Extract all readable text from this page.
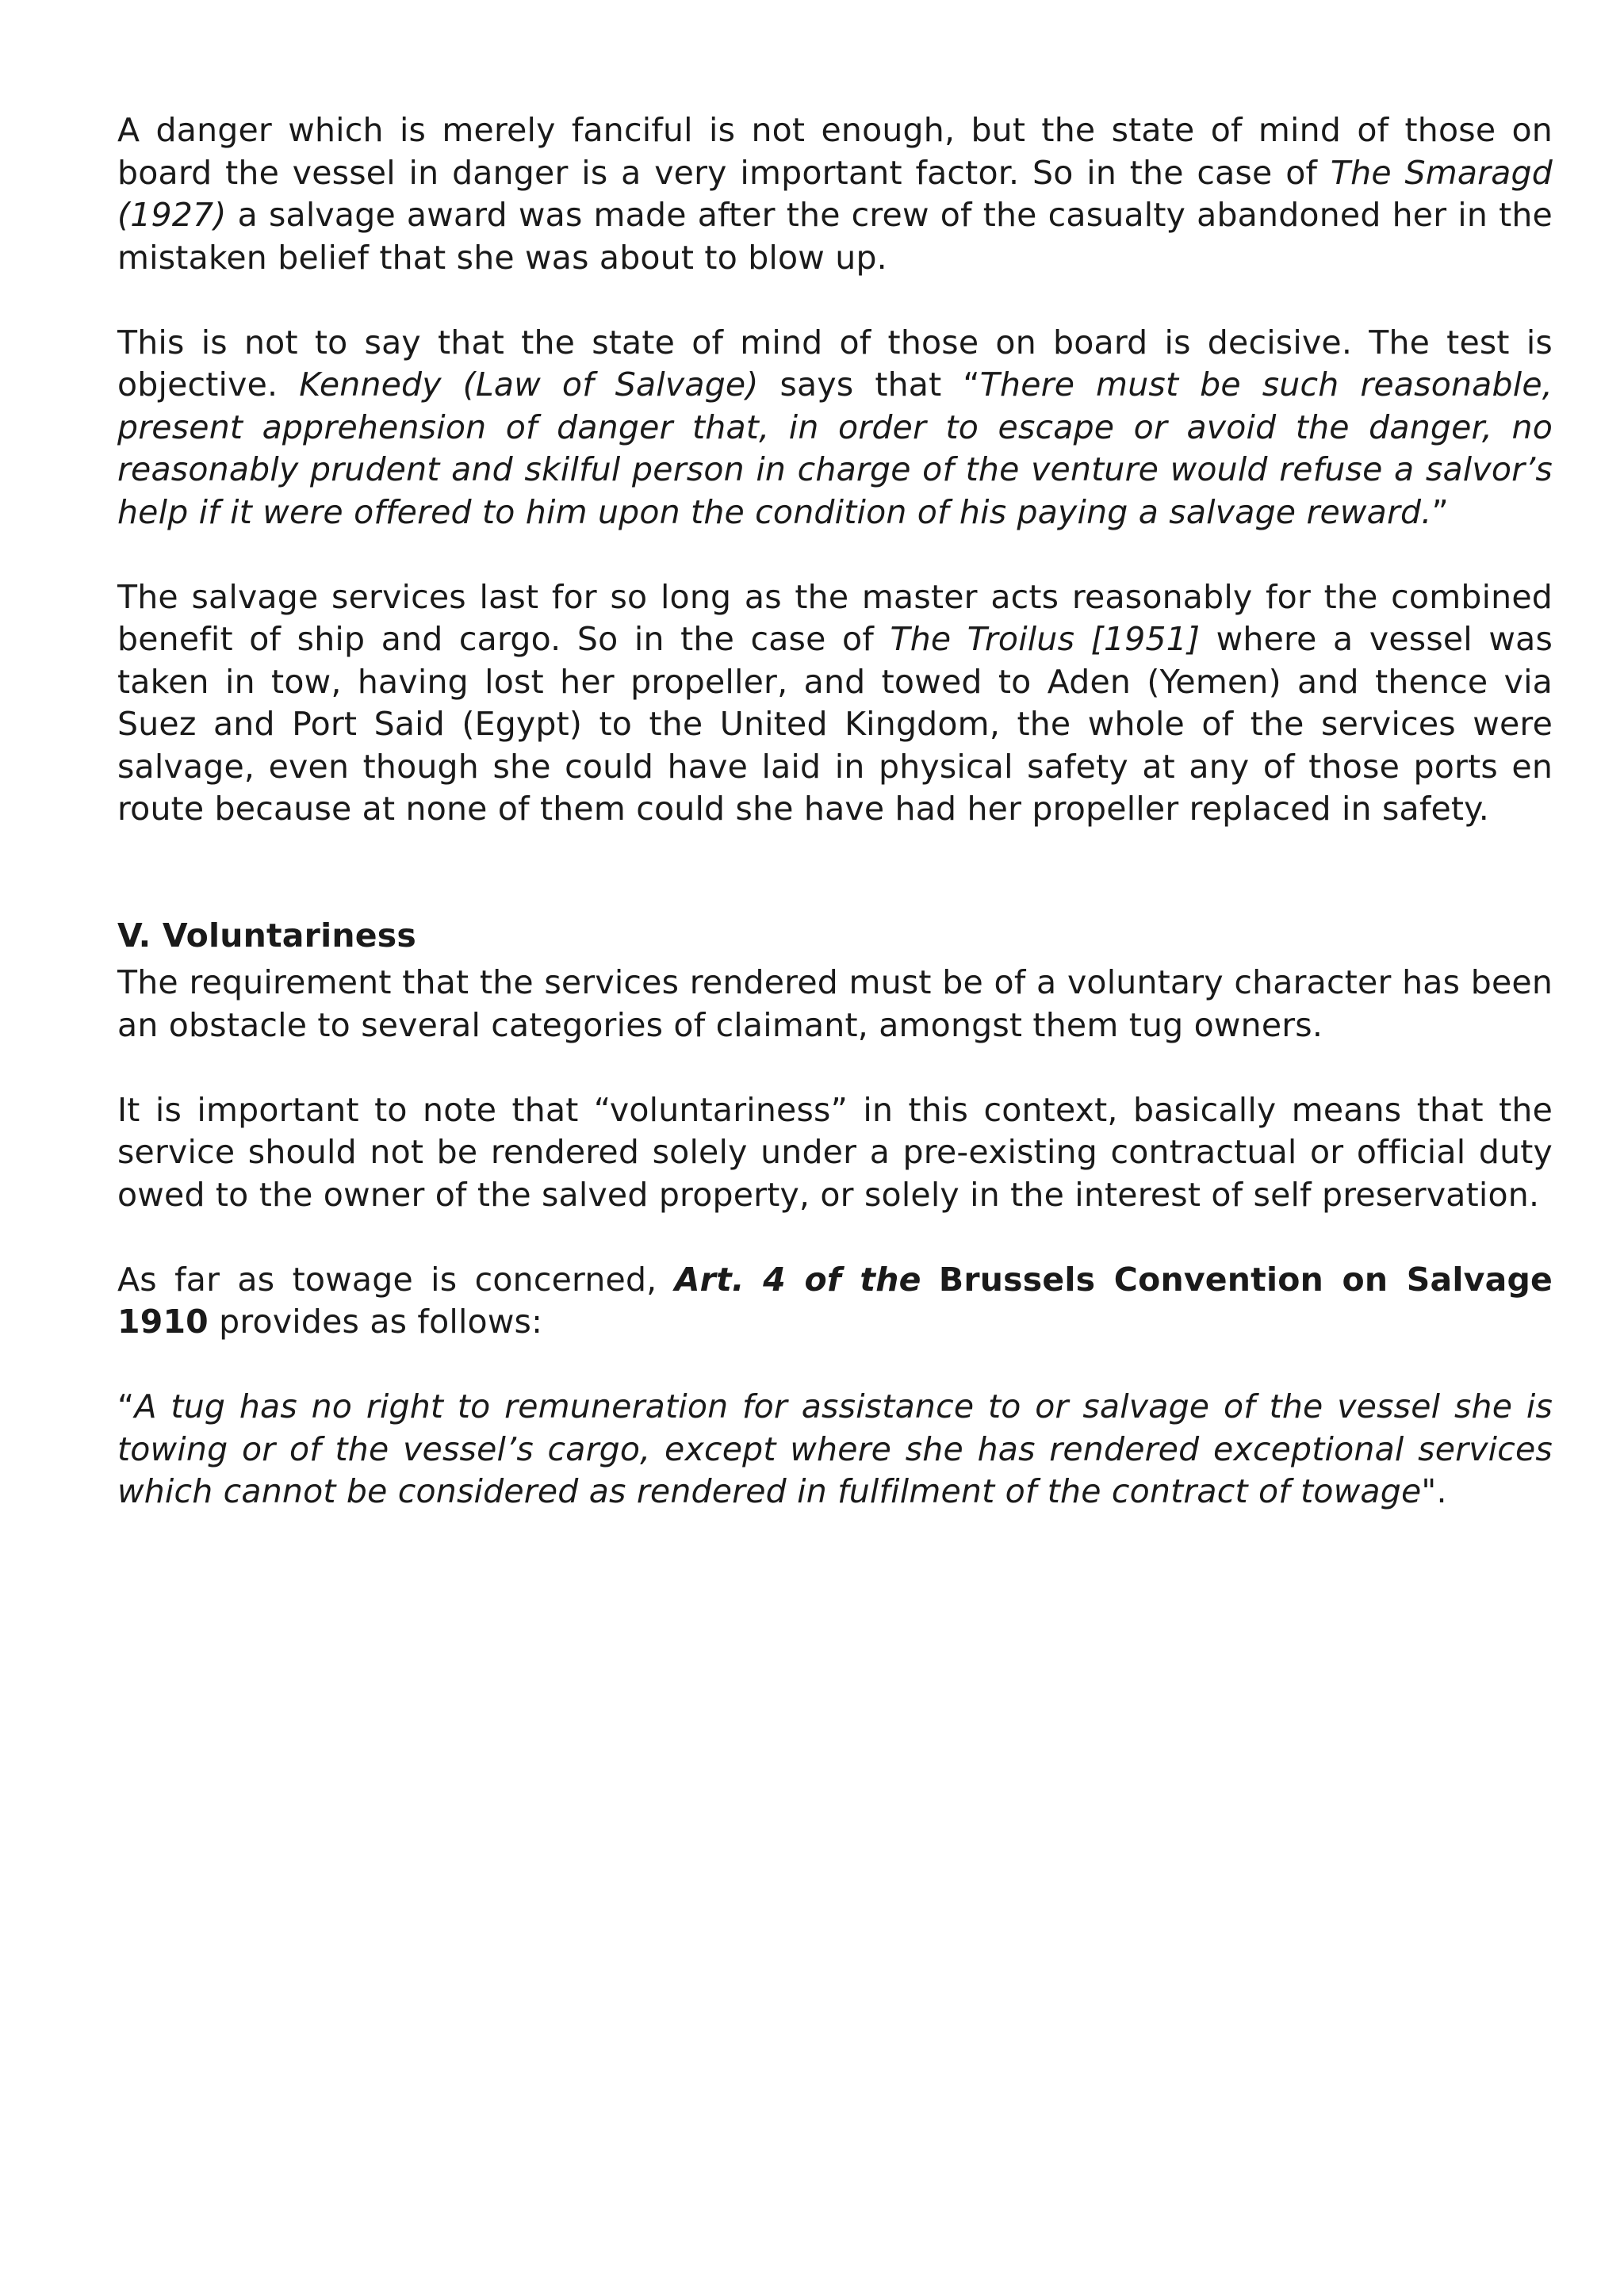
A danger which is merely fanciful is not enough, but the state of mind of those on board the vessel in danger is a very important factor. So in the case of The Smaragd (1927) a salvage award was made after the crew of the casualty abandoned her in the mistaken belief that she was about to blow up.

This is not to say that the state of mind of those on board is decisive. The test is objective. Kennedy (Law of Salvage) says that “There must be such reasonable, present apprehension of danger that, in order to escape or avoid the danger, no reasonably prudent and skilful person in charge of the venture would refuse a salvor’s help if it were offered to him upon the condition of his paying a salvage reward.”

The salvage services last for so long as the master acts reasonably for the combined benefit of ship and cargo. So in the case of The Troilus [1951] where a vessel was taken in tow, having lost her propeller, and towed to Aden (Yemen) and thence via Suez and Port Said (Egypt) to the United Kingdom, the whole of the services were salvage, even though she could have laid in physical safety at any of those ports en route because at none of them could she have had her propeller replaced in safety.

V. Voluntariness

The requirement that the services rendered must be of a voluntary character has been an obstacle to several categories of claimant, amongst them tug owners.

It is important to note that “voluntariness” in this context, basically means that the service should not be rendered solely under a pre-existing contractual or official duty owed to the owner of the salved property, or solely in the interest of self preservation.

As far as towage is concerned, Art. 4 of the Brussels Convention on Salvage 1910 provides as follows:

“A tug has no right to remuneration for assistance to or salvage of the vessel she is towing or of the vessel’s cargo, except where she has rendered exceptional services which cannot be considered as rendered in fulfilment of the contract of towage".
